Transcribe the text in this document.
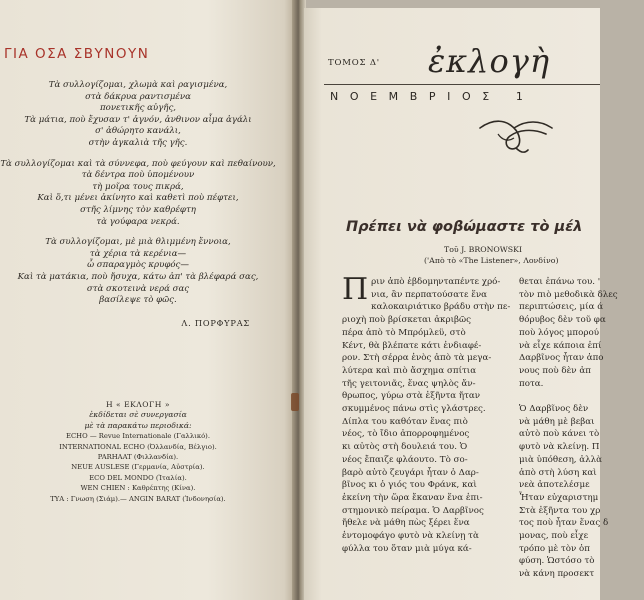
ΓΙΑ ΟΣΑ ΣΒΥΝΟΥΝ
Τὰ συλλογίζομαι, χλωμὰ καὶ ραγισμένα,
στὰ δάκρυα ραντισμένα
πονετικῆς αὐγῆς,
Τὰ μάτια, ποὺ ἔχυσαν τ' ἁγνόν, ἀνθινον αἷμα ἀγάλι
σ' ἀθώρητο κανάλι,
στὴν ἀγκαλιὰ τῆς γῆς.
Τὰ συλλογίζομαι καὶ τὰ σύννεφα, ποὺ φεύγουν καὶ πεθαίνουν,
τὰ δέντρα ποὺ ὑπομένουν
τὴ μοῖρα τους πικρά,
Καὶ ὅ,τι μένει ἀκίνητο καὶ καθετὶ ποὺ πέφτει,
στῆς λίμνης τὸν καθρέφτη
τὰ γούφαρα νεκρά.
Τὰ συλλογίζομαι, μὲ μιὰ θλιμμένη ἔννοια,
τὰ χέρια τὰ κερένια—
ὦ σπαραγμὸς κρυφός—
Καὶ τὰ ματάκια, ποὺ ἤσυχα, κάτω ἀπ' τὰ βλέφαρά σας,
στὰ σκοτεινὰ νερά σας
βασίλεψε τὸ φῶς.
Λ. ΠΟΡΦΥΡΑΣ
Η « ΕΚΛΟΓΗ »
ἐκδίδεται σὲ συνεργασία
μὲ τὰ παρακάτω περιοδικά:
ECHO — Revue Internationale (Γαλλικό).
INTERNATIONAL ECHO (Ὀλλανδία, Βέλγιο).
PARHAAT (Φιλλανδία).
NEUE AUSLESE (Γερμανία, Αὐστρία).
ECO DEL MONDO (Ἰταλία).
WEN CHIEN : Καθρέπτης (Κίνα).
ΤΥΑ : Γνωση (Σιάμ).— ANGIN BARAT (Ἰνδονησία).
ΤΟΜΟΣ Δ' ἐκλογὴ
ΝΟΕΜΒΡΙΟΣ 1
Πρέπει νὰ φοβώμαστε τὸ μέλ
Τοῦ J. BRONOWSKI
('Απὸ τὸ «The Listener», Λονδίνο)
Π ριν ἀπὸ ἐβδομηνταπέντε χρό-
νια, ἂν περπατούσατε ἕνα
καλοκαιριάτικο βράδυ στὴν πε-
ριοχὴ ποὺ βρίσκεται ἀκριβῶς
πέρα ἀπὸ τὸ Μπρόμλεϋ, στὸ
Κέντ, θὰ βλέπατε κάτι ἐνδιαφέ-
ρον. Στὴ σέρρα ἑνὸς ἀπὸ τὰ μεγα-
λύτερα καὶ πιὸ ἄσχημα σπίτια
τῆς γειτονιᾶς, ἕνας ψηλὸς ἄν-
θρωπος, γύρω στὰ ἑξῆντα ἤταν
σκυμμένος πάνω στὶς γλάστρες.
Δίπλα του καθόταν ἕνας πιὸ
νέος, τὸ ἴδιο ἀπορροφημένος
κι αὐτὸς στὴ δουλειά του. Ὁ
νέος ἔπαιζε φλάουτο. Τὸ σο-
βαρὸ αὐτὸ ζευγάρι ἦταν ὁ Δαρ-
βῖνος κι ὁ γιός του Φράνκ, καὶ
ἐκείνη τὴν ὥρα ἔκαναν ἕνα ἐπι-
στημονικὸ πείραμα. Ὁ Δαρβῖνος
ἤθελε νὰ μάθη πὼς ξέρει ἕνα
ἐντομοφάγο φυτὸ νὰ κλείνῃ τὰ
φύλλα του ὅταν μιὰ μύγα κά-
θεται ἐπάνω του. '
τὸν πιὸ μεθοδικὰ δλες
περιπτώσεις, μία ά
θόρυβος δὲν τοῦ φα
ποὺ λόγος μπορού
νὰ εἶχε κάποια ἐπί
Δαρβῖνος ἦταν ἀπο
νους ποὺ δὲν ἀπ
ποτα.

Ὁ Δαρβῖνος δὲν
νὰ μάθη μὲ βεβαι
αὐτὸ ποὺ κάνει τὸ
φυτὸ νὰ κλείνῃ. Π
μιὰ ὑπόθεση, ἀλλὰ
ἀπὸ στὴ λύση καὶ
νεὰ ἀποτελέσμε
Ἦταν εὐχαριστημ
Στὰ ἑξῆντα του χρ
τος ποὺ ἦταν ἕνας δ
μονας, ποὺ εἶχε
τρόπο μὲ τὸν ὁπ
φύση. Ὡστόσο τὸ
νὰ κάνη προσεκτ
